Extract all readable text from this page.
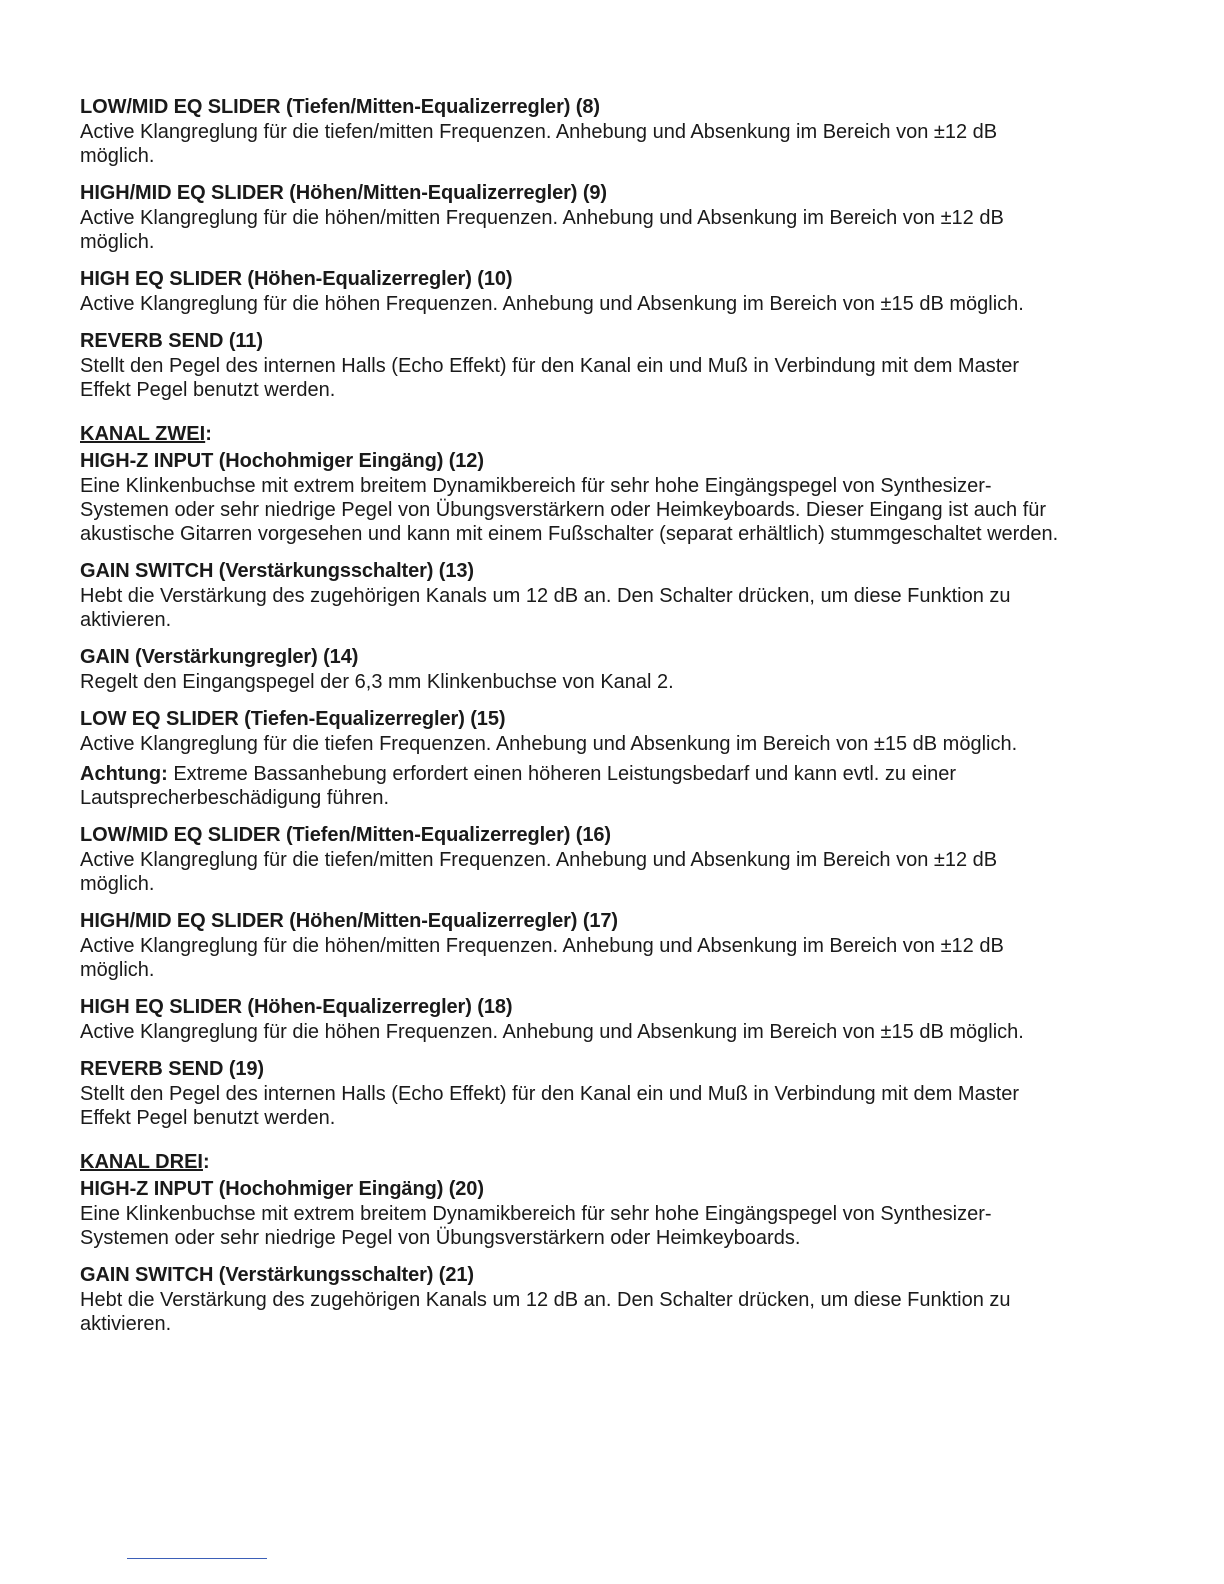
LOW/MID EQ SLIDER (Tiefen/Mitten-Equalizerregler) (8)
Active Klangreglung für die tiefen/mitten Frequenzen. Anhebung und Absenkung im Bereich von ±12 dB möglich.
HIGH/MID EQ SLIDER (Höhen/Mitten-Equalizerregler) (9)
Active Klangreglung für die höhen/mitten Frequenzen. Anhebung und Absenkung im Bereich von ±12 dB möglich.
HIGH EQ SLIDER (Höhen-Equalizerregler) (10)
Active Klangreglung für die höhen Frequenzen. Anhebung und Absenkung im Bereich von ±15 dB möglich.
REVERB SEND (11)
Stellt den Pegel des internen Halls (Echo Effekt) für den Kanal ein und Muß in Verbindung mit dem Master Effekt Pegel benutzt werden.
KANAL ZWEI:
HIGH-Z INPUT (Hochohmiger Eingäng) (12)
Eine Klinkenbuchse mit extrem breitem Dynamikbereich für sehr hohe Eingängspegel von Synthesizer-Systemen oder sehr niedrige Pegel von Übungsverstärkern oder Heimkeyboards. Dieser Eingang ist auch für akustische Gitarren vorgesehen und kann mit einem Fußschalter (separat erhältlich) stummgeschaltet werden.
GAIN SWITCH (Verstärkungsschalter) (13)
Hebt die Verstärkung des zugehörigen Kanals um 12 dB an. Den Schalter drücken, um diese Funktion zu aktivieren.
GAIN (Verstärkungregler) (14)
Regelt den Eingangspegel der 6,3 mm Klinkenbuchse von Kanal 2.
LOW EQ SLIDER (Tiefen-Equalizerregler) (15)
Active Klangreglung für die tiefen Frequenzen. Anhebung und Absenkung im Bereich von ±15 dB möglich.
Achtung: Extreme Bassanhebung erfordert einen höheren Leistungsbedarf und kann evtl. zu einer Lautsprecherbeschädigung führen.
LOW/MID EQ SLIDER (Tiefen/Mitten-Equalizerregler) (16)
Active Klangreglung für die tiefen/mitten Frequenzen. Anhebung und Absenkung im Bereich von ±12 dB möglich.
HIGH/MID EQ SLIDER (Höhen/Mitten-Equalizerregler) (17)
Active Klangreglung für die höhen/mitten Frequenzen. Anhebung und Absenkung im Bereich von ±12 dB möglich.
HIGH EQ SLIDER (Höhen-Equalizerregler) (18)
Active Klangreglung für die höhen Frequenzen. Anhebung und Absenkung im Bereich von ±15 dB möglich.
REVERB SEND (19)
Stellt den Pegel des internen Halls (Echo Effekt) für den Kanal ein und Muß in Verbindung mit dem Master Effekt Pegel benutzt werden.
KANAL DREI:
HIGH-Z INPUT (Hochohmiger Eingäng) (20)
Eine Klinkenbuchse mit extrem breitem Dynamikbereich für sehr hohe Eingängspegel von Synthesizer-Systemen oder sehr niedrige Pegel von Übungsverstärkern oder Heimkeyboards.
GAIN SWITCH (Verstärkungsschalter) (21)
Hebt die Verstärkung des zugehörigen Kanals um 12 dB an. Den Schalter drücken, um diese Funktion zu aktivieren.
